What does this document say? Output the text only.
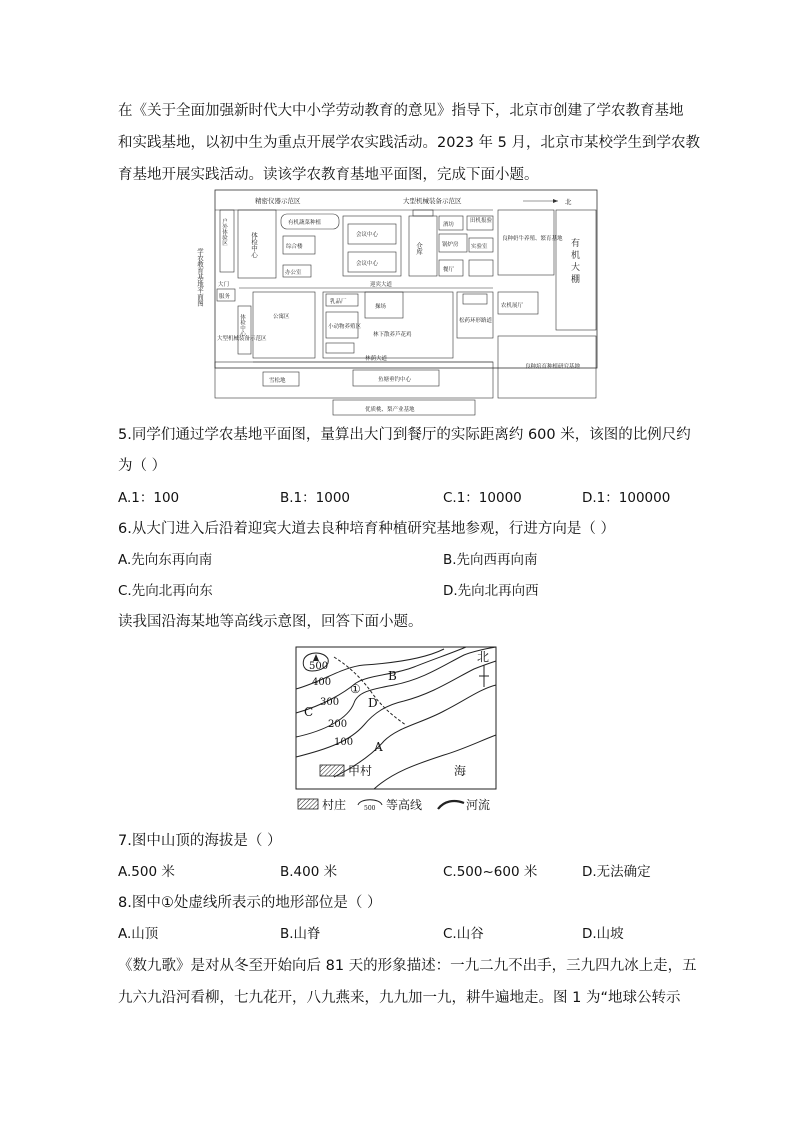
在《关于全面加强新时代大中小学劳动教育的意见》指导下，北京市创建了学农教育基地
和实践基地，以初中生为重点开展学农实践活动。2023 年 5 月，北京市某校学生到学农教
育基地开展实践活动。读该学农教育基地平面图，完成下面小题。
学农教育基地平面图
精密仪器示范区	大型机械装备示范区	北
户外体验区	体检中心
有机蔬菜种植
综合楼
办公室
会议中心
会议中心
仓库
酒坊
田机报验
锅炉房 实验室
餐厅
良种奶牛养殖、繁育基地 有
机
大
棚
大门
服务
迎宾大道
公寓区
体检中心
大型机械装备示范区
乳品厂
操场
小动物养殖区
林下散养芦花鸡
松药环形路道
农机展厅
林荫大道
雪松地	鱼塘垂钓中心
良种培育种植研究基地
优质桃、梨产业基地
5.同学们通过学农基地平面图，量算出大门到餐厅的实际距离约 600 米，该图的比例尺约
为（ ）
A.1：100	B.1：1000	C.1：10000	D.1：100000
6.从大门进入后沿着迎宾大道去良种培育种植研究基地参观，行进方向是（ ）
A.先向东再向南	B.先向西再向南
C.先向北再向东	D.先向北再向西
读我国沿海某地等高线示意图，回答下面小题。
500
北
400
300
200
100 A
B
C
D
①
甲村	海
村庄	500 等高线	河流
7.图中山顶的海拔是（ ）
A.500 米	B.400 米	C.500~600 米	D.无法确定
8.图中①处虚线所表示的地形部位是（ ）
A.山顶	B.山脊	C.山谷	D.山坡
《数九歌》是对从冬至开始向后 81 天的形象描述：一九二九不出手，三九四九冰上走，五
九六九沿河看柳，七九花开，八九燕来，九九加一九，耕牛遍地走。图 1 为“地球公转示
